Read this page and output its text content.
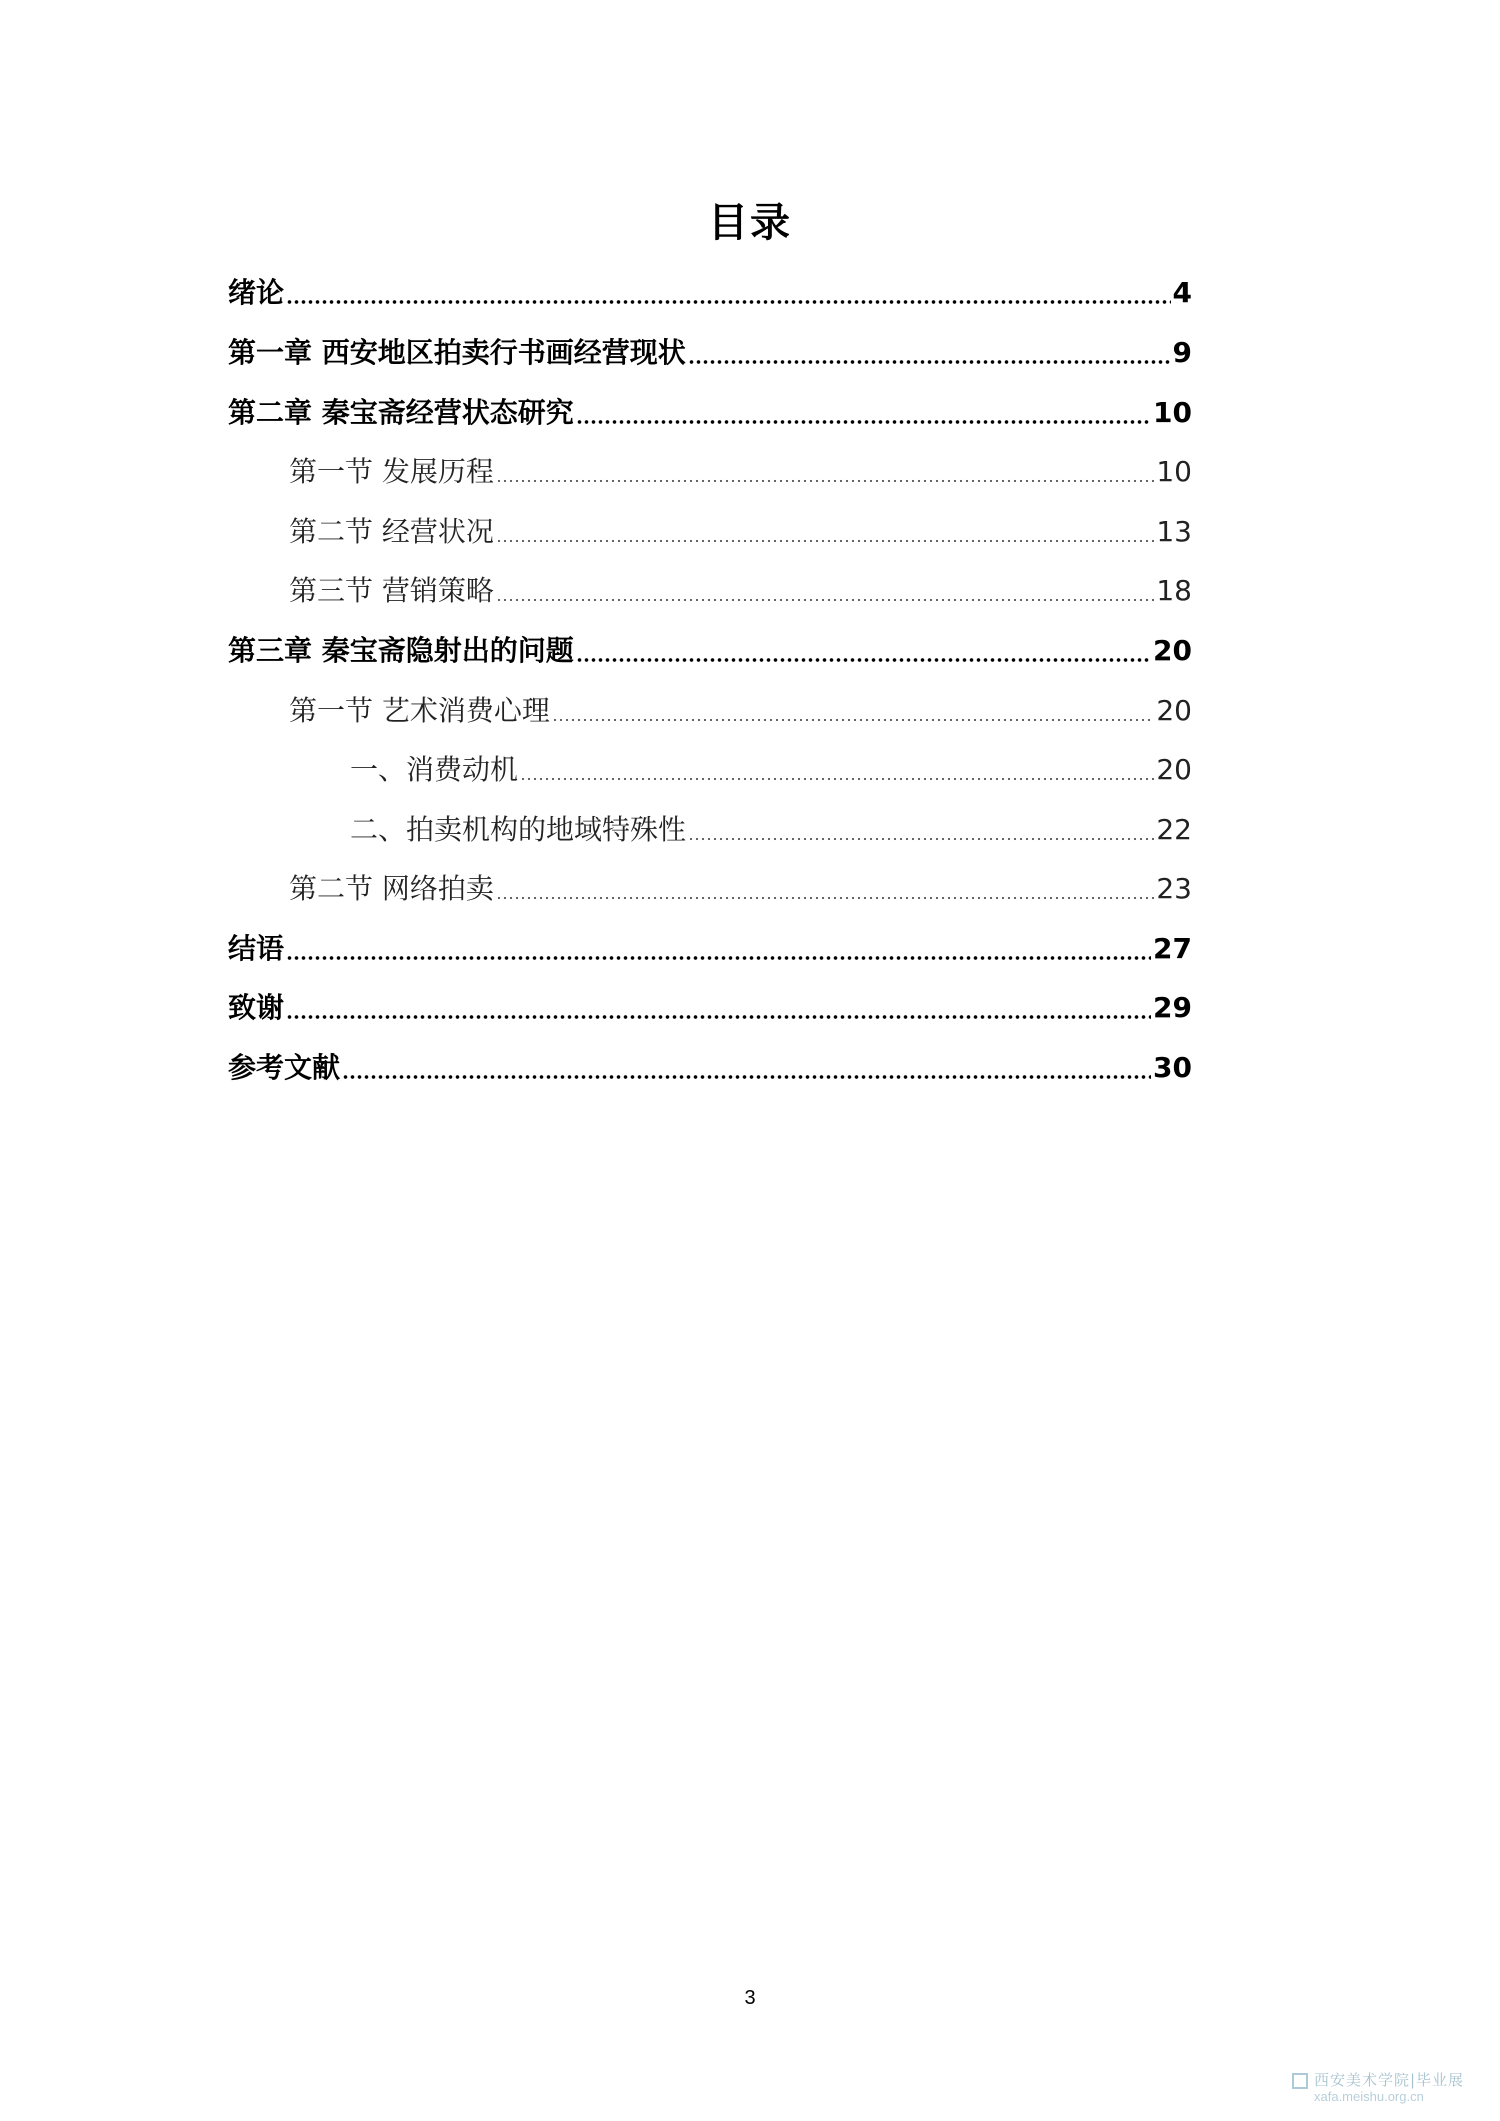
目录
绪论	4
第一章 西安地区拍卖行书画经营现状	9
第二章 秦宝斋经营状态研究	10
第一节 发展历程	10
第二节 经营状况	13
第三节 营销策略	18
第三章 秦宝斋隐射出的问题	20
第一节 艺术消费心理	20
一、消费动机	20
二、拍卖机构的地域特殊性	22
第二节 网络拍卖	23
结语	27
致谢	29
参考文献	30
3
西安美术学院|毕业展
xafa.meishu.org.cn
